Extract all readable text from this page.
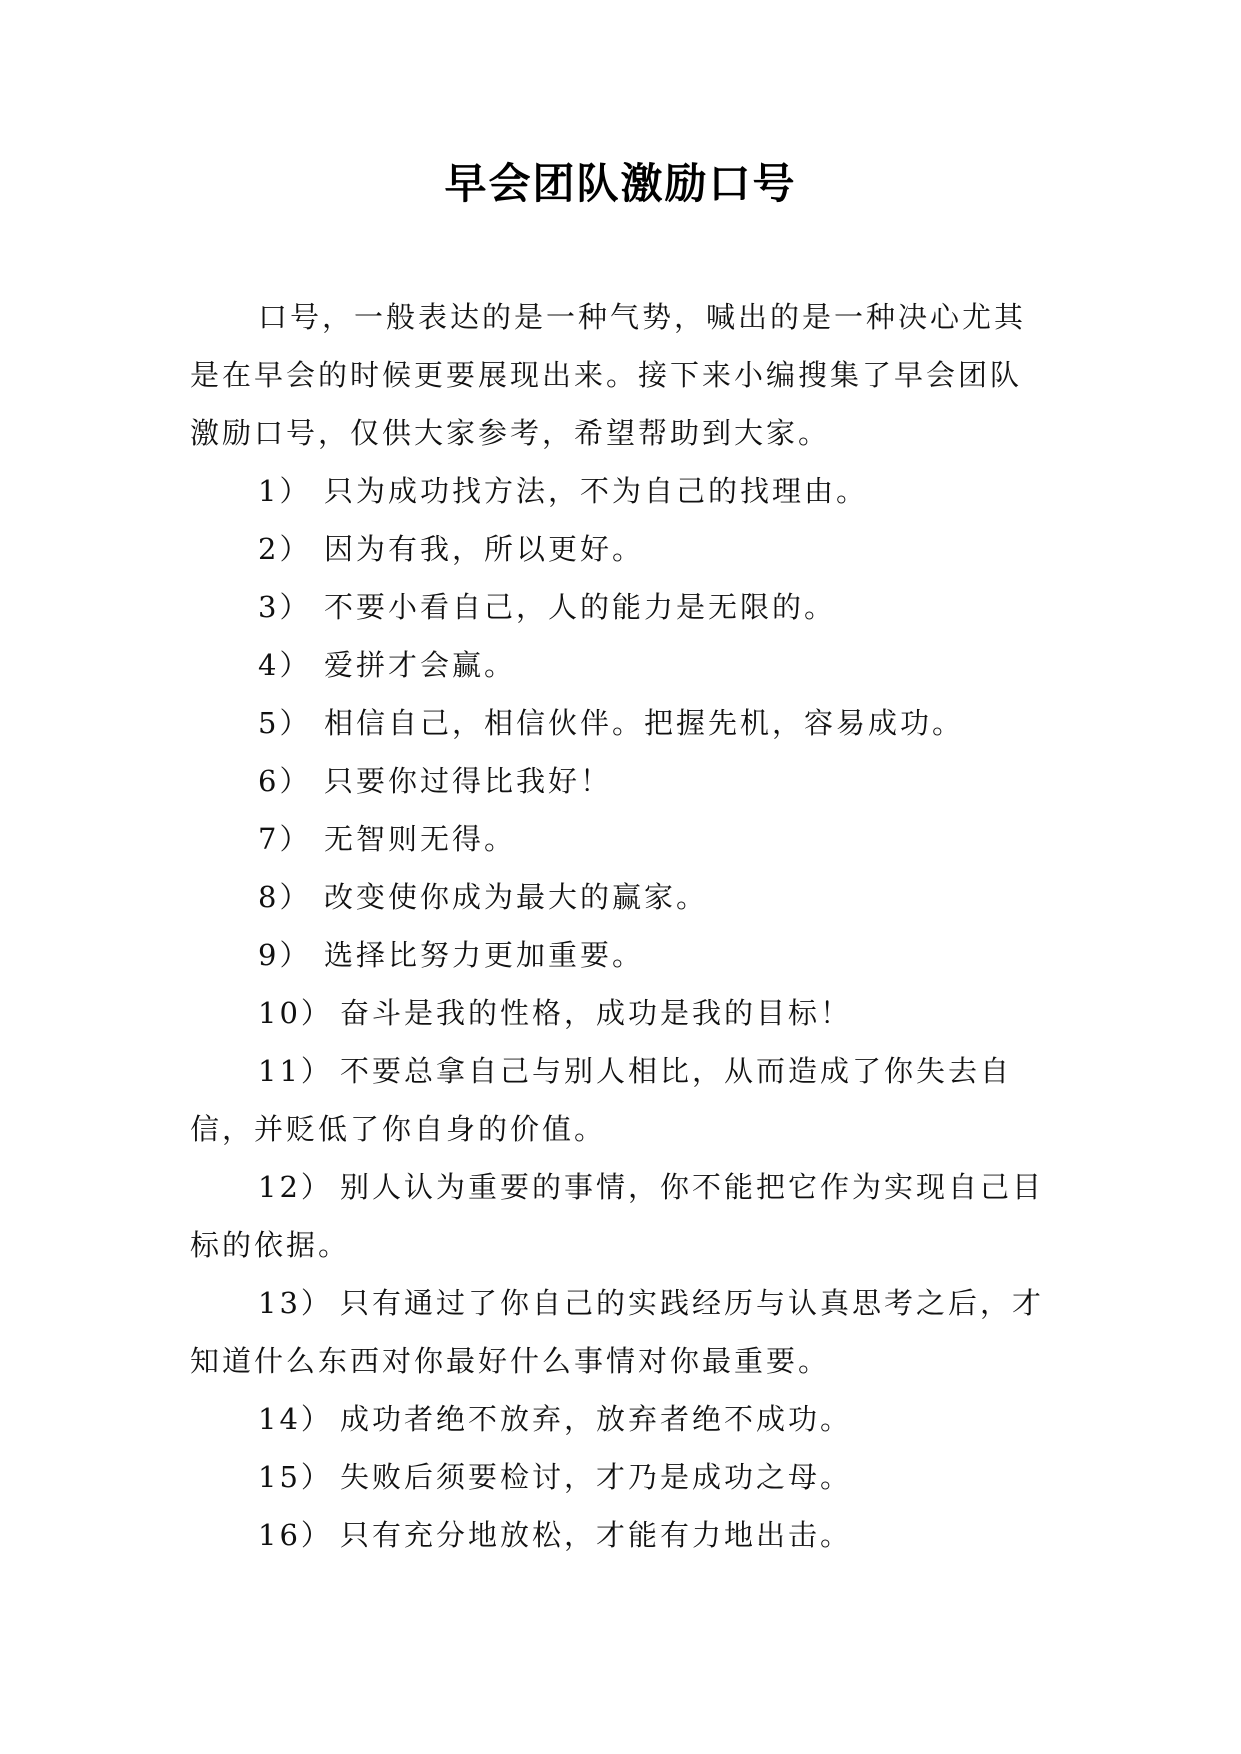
早会团队激励口号

口号，一般表达的是一种气势，喊出的是一种决心尤其是在早会的时候更要展现出来。接下来小编搜集了早会团队激励口号，仅供大家参考，希望帮助到大家。

1） 只为成功找方法，不为自己的找理由。

2） 因为有我，所以更好。

3） 不要小看自己，人的能力是无限的。

4） 爱拼才会赢。

5） 相信自己，相信伙伴。把握先机，容易成功。

6） 只要你过得比我好！

7） 无智则无得。

8） 改变使你成为最大的赢家。

9） 选择比努力更加重要。

10） 奋斗是我的性格，成功是我的目标！

11） 不要总拿自己与别人相比，从而造成了你失去自信，并贬低了你自身的价值。

12） 别人认为重要的事情，你不能把它作为实现自己目标的依据。

13） 只有通过了你自己的实践经历与认真思考之后，才知道什么东西对你最好什么事情对你最重要。

14） 成功者绝不放弃，放弃者绝不成功。

15） 失败后须要检讨，才乃是成功之母。

16） 只有充分地放松，才能有力地出击。
